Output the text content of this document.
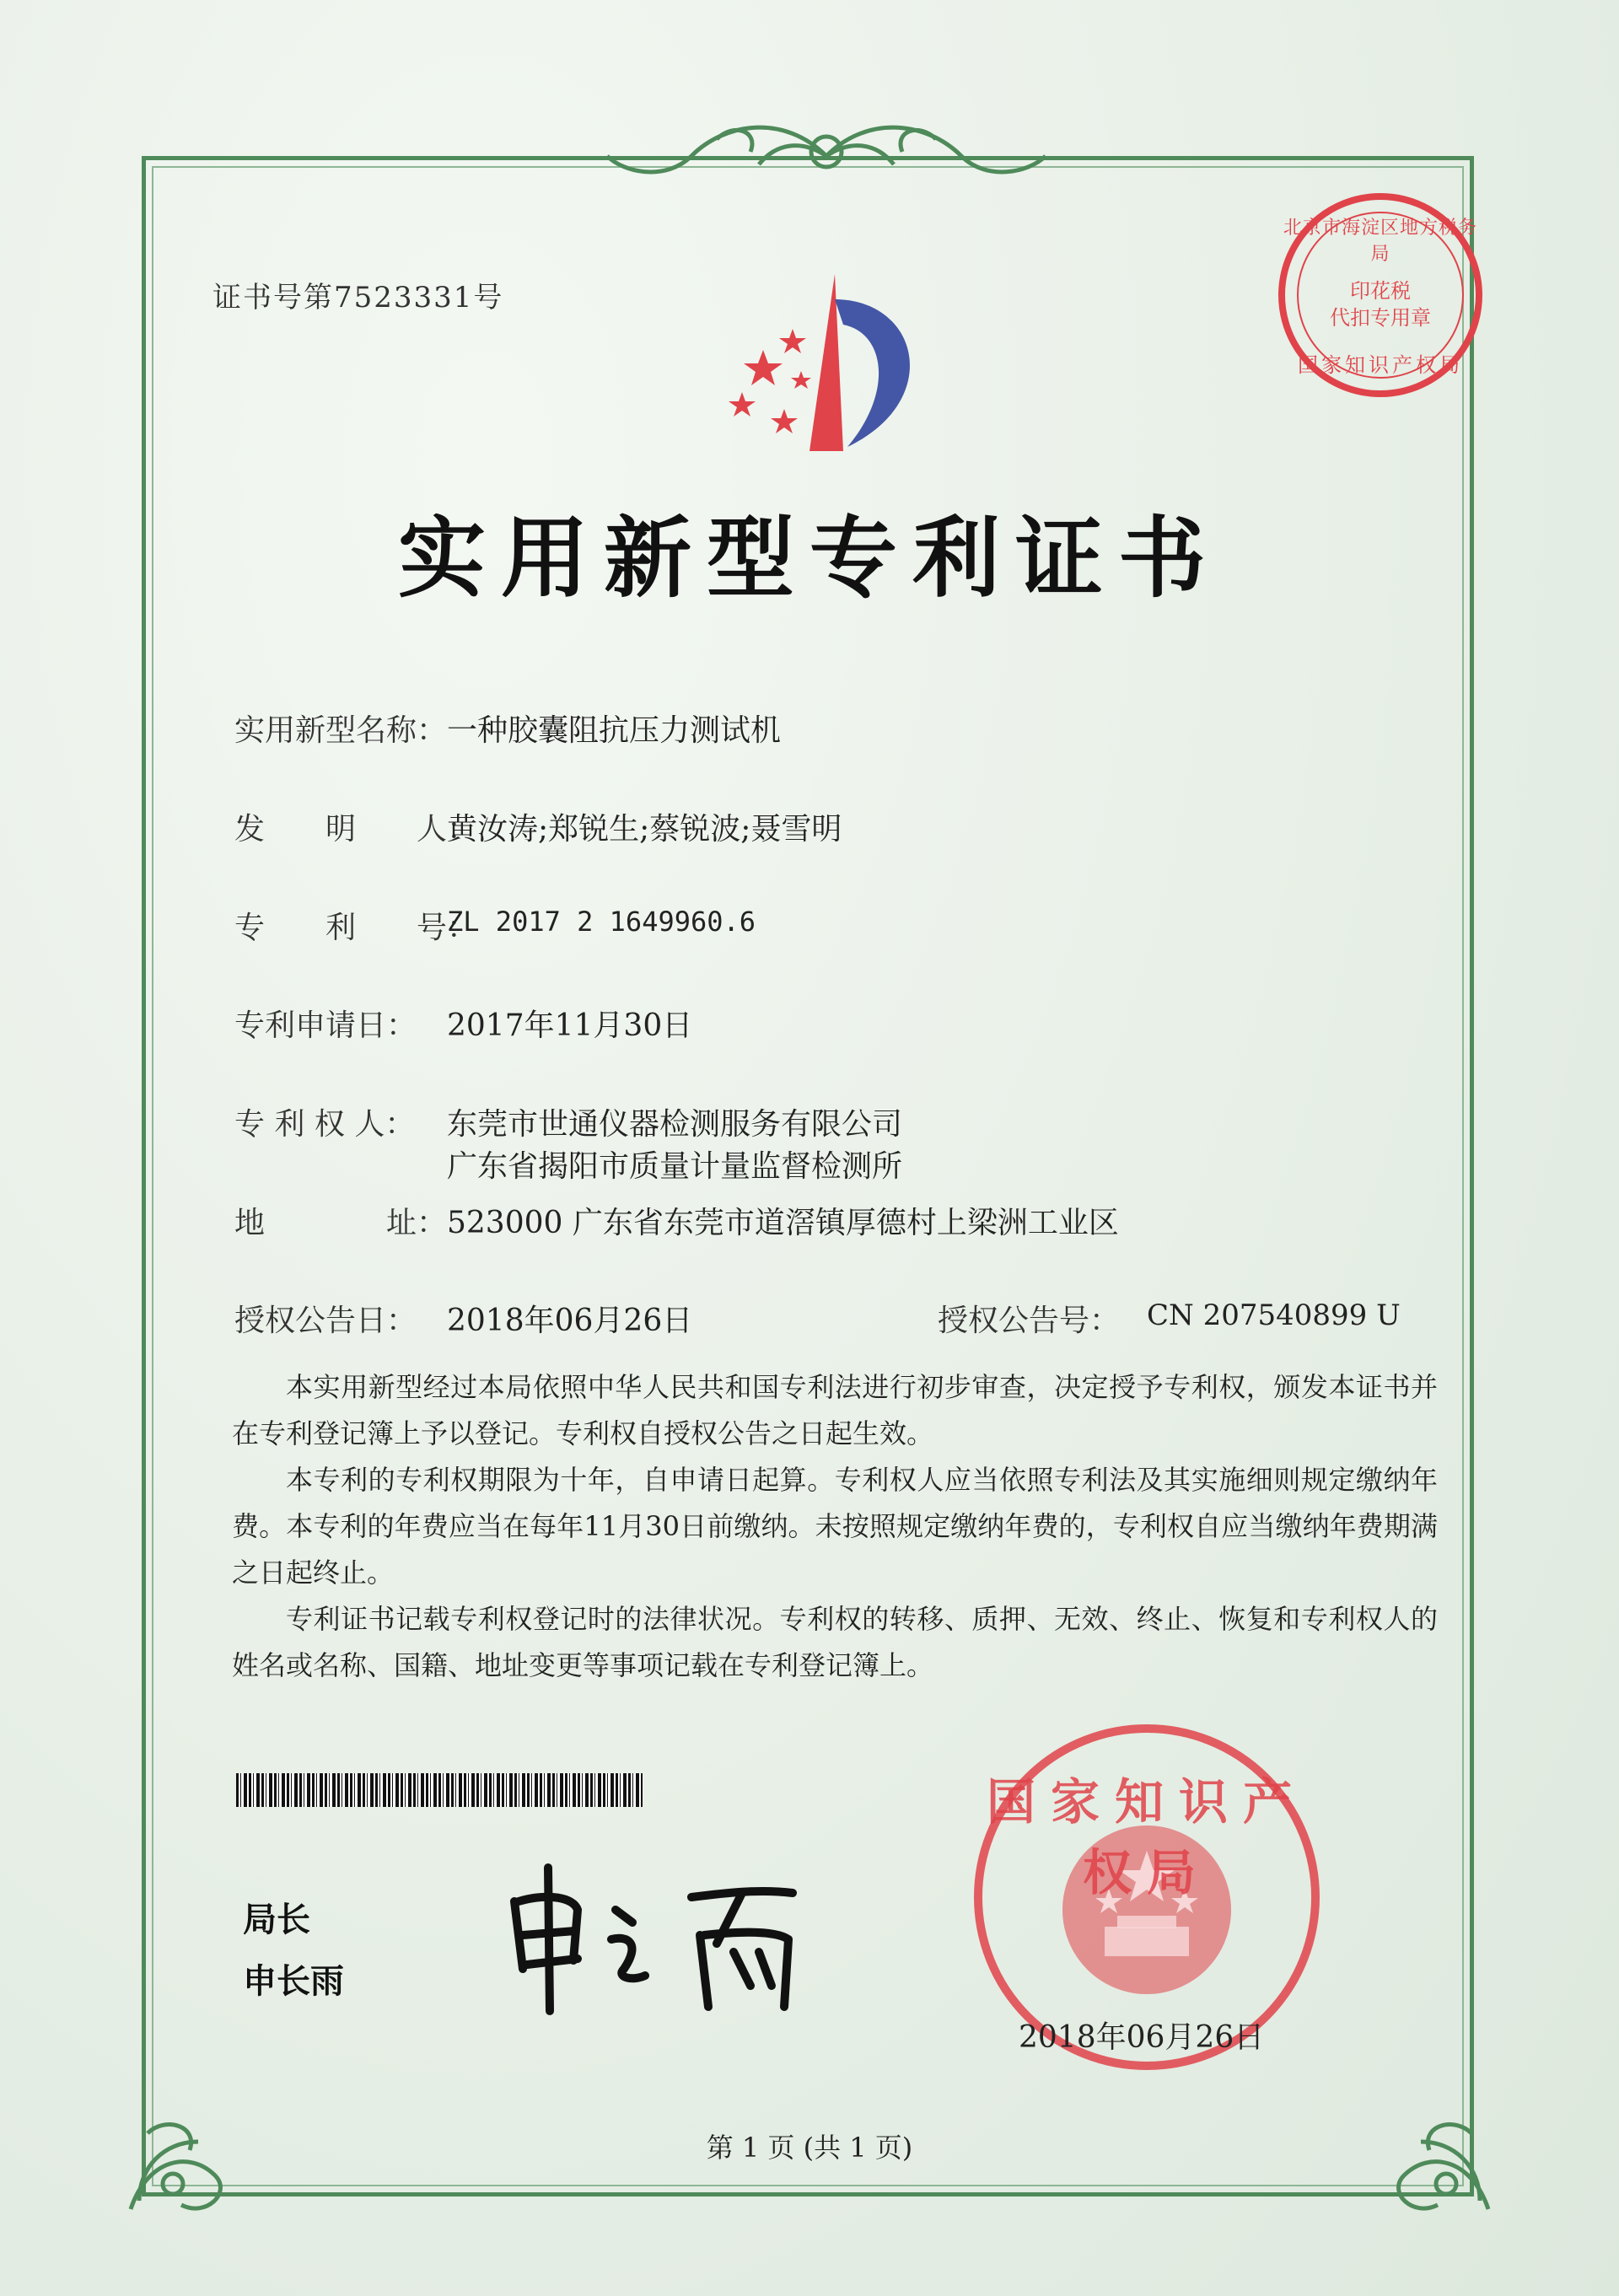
证书号第7523331号
北京市海淀区地方税务局
印花税
代扣专用章
国家知识产权局
实用新型专利证书
实用新型名称： 一种胶囊阻抗压力测试机
发　　明　　人：
黄汝涛;郑锐生;蔡锐波;聂雪明
专　　利　　号：
ZL 2017 2 1649960.6
专利申请日： 2017年11月30日
专 利 权 人： 东莞市世通仪器检测服务有限公司
广东省揭阳市质量计量监督检测所
地　　　　址： 523000 广东省东莞市道滘镇厚德村上梁洲工业区
授权公告日： 2018年06月26日	授权公告号： CN 207540899 U

本实用新型经过本局依照中华人民共和国专利法进行初步审查，决定授予专利权，颁发本证书并在专利登记簿上予以登记。专利权自授权公告之日起生效。

本专利的专利权期限为十年，自申请日起算。专利权人应当依照专利法及其实施细则规定缴纳年费。本专利的年费应当在每年11月30日前缴纳。未按照规定缴纳年费的，专利权自应当缴纳年费期满之日起终止。

专利证书记载专利权登记时的法律状况。专利权的转移、质押、无效、终止、恢复和专利权人的姓名或名称、国籍、地址变更等事项记载在专利登记簿上。

局长
申长雨
国家知识产权局
2018年06月26日
第 1 页 (共 1 页)
